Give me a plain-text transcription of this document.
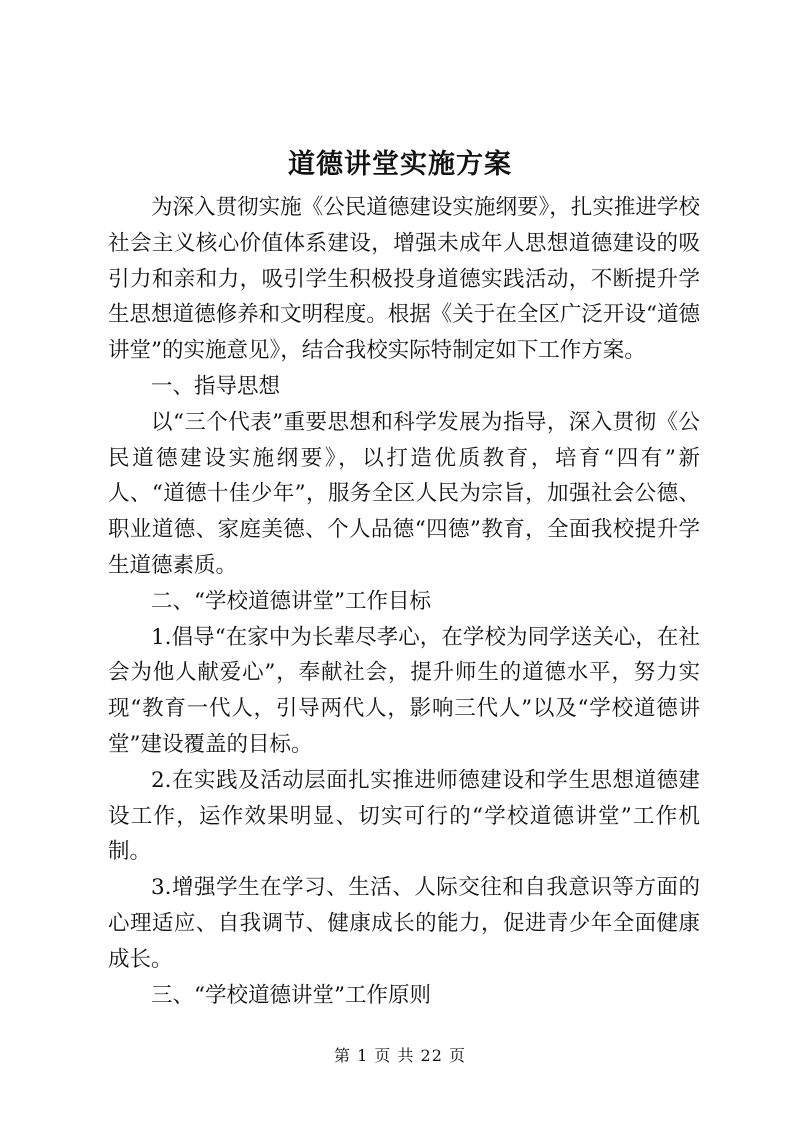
道德讲堂实施方案

为深入贯彻实施《公民道德建设实施纲要》，扎实推进学校社会主义核心价值体系建设，增强未成年人思想道德建设的吸引力和亲和力，吸引学生积极投身道德实践活动，不断提升学生思想道德修养和文明程度。根据《关于在全区广泛开设“道德讲堂”的实施意见》，结合我校实际特制定如下工作方案。

一、指导思想

以“三个代表”重要思想和科学发展为指导，深入贯彻《公民道德建设实施纲要》，以打造优质教育，培育“四有”新人、“道德十佳少年”，服务全区人民为宗旨，加强社会公德、职业道德、家庭美德、个人品德“四德”教育，全面我校提升学生道德素质。

二、“学校道德讲堂”工作目标

1.倡导“在家中为长辈尽孝心，在学校为同学送关心，在社会为他人献爱心”，奉献社会，提升师生的道德水平，努力实现“教育一代人，引导两代人，影响三代人”以及“学校道德讲堂”建设覆盖的目标。

2.在实践及活动层面扎实推进师德建设和学生思想道德建设工作，运作效果明显、切实可行的“学校道德讲堂”工作机制。

3.增强学生在学习、生活、人际交往和自我意识等方面的心理适应、自我调节、健康成长的能力，促进青少年全面健康成长。

三、“学校道德讲堂”工作原则

第 1 页 共 22 页
